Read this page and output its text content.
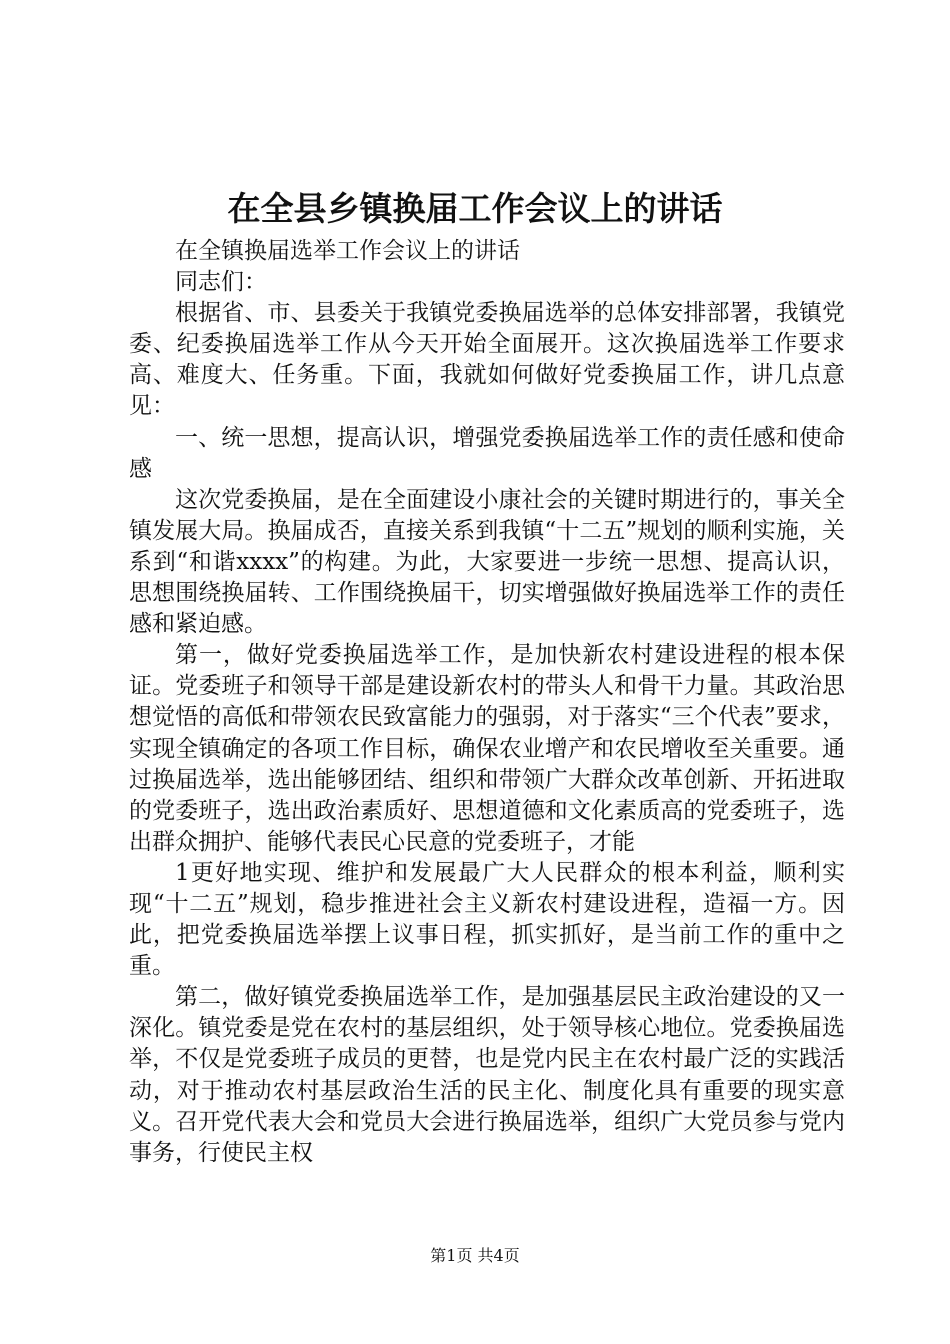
在全县乡镇换届工作会议上的讲话

在全镇换届选举工作会议上的讲话

同志们：

根据省、市、县委关于我镇党委换届选举的总体安排部署，我镇党委、纪委换届选举工作从今天开始全面展开。这次换届选举工作要求高、难度大、任务重。下面，我就如何做好党委换届工作，讲几点意见：

一、统一思想，提高认识，增强党委换届选举工作的责任感和使命感

这次党委换届，是在全面建设小康社会的关键时期进行的，事关全镇发展大局。换届成否，直接关系到我镇“十二五”规划的顺利实施，关系到“和谐xxxx”的构建。为此，大家要进一步统一思想、提高认识，思想围绕换届转、工作围绕换届干，切实增强做好换届选举工作的责任感和紧迫感。

第一，做好党委换届选举工作，是加快新农村建设进程的根本保证。党委班子和领导干部是建设新农村的带头人和骨干力量。其政治思想觉悟的高低和带领农民致富能力的强弱，对于落实“三个代表”要求，实现全镇确定的各项工作目标，确保农业增产和农民增收至关重要。通过换届选举，选出能够团结、组织和带领广大群众改革创新、开拓进取的党委班子，选出政治素质好、思想道德和文化素质高的党委班子，选出群众拥护、能够代表民心民意的党委班子，才能

1更好地实现、维护和发展最广大人民群众的根本利益，顺利实现“十二五”规划，稳步推进社会主义新农村建设进程，造福一方。因此，把党委换届选举摆上议事日程，抓实抓好，是当前工作的重中之重。

第二，做好镇党委换届选举工作，是加强基层民主政治建设的又一深化。镇党委是党在农村的基层组织，处于领导核心地位。党委换届选举，不仅是党委班子成员的更替，也是党内民主在农村最广泛的实践活动，对于推动农村基层政治生活的民主化、制度化具有重要的现实意义。召开党代表大会和党员大会进行换届选举，组织广大党员参与党内事务，行使民主权

第1页 共4页
